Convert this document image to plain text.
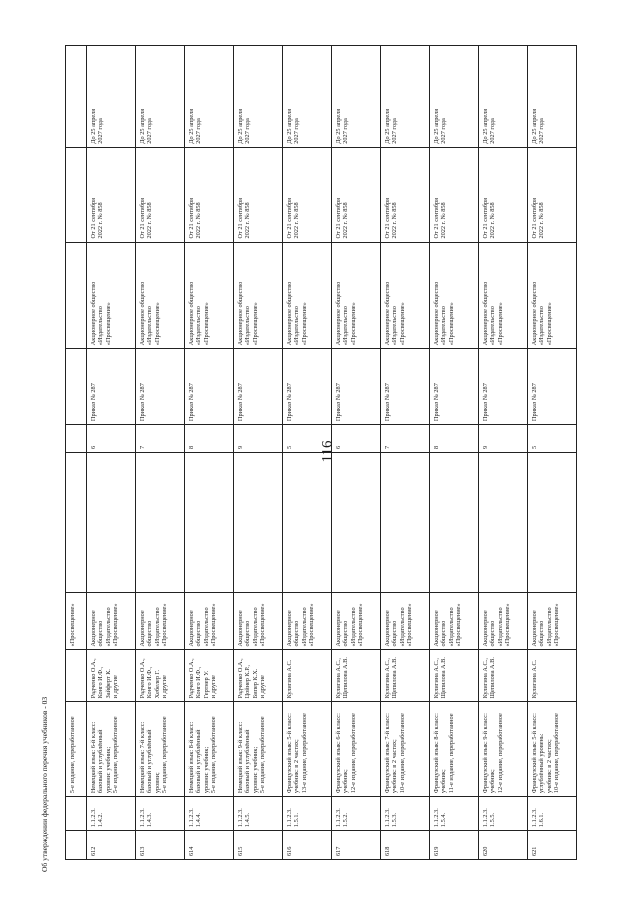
116
5-е издание, переработанное
«Просвещение»
612
1.1.2.3. 1.4.2.
Немецкий язык: 6-й класс: базовый и углублённый уровни: учебник; 5-е издание, переработанное
Радченко О.А., Конго И.Ф., Зайферт К. и другие
Акционерное общество «Издательство «Просвещение»
6
Приказ № 287
Акционерное общество «Издательство «Просвещение»
От 21 сентября 2022 г. № 858
До 25 апреля 2027 года
613
1.1.2.3. 1.4.3.
Немецкий язык: 7-й класс: базовый и углублённый уровни; 5-е издание, переработанное
Радченко О.А., Конго И.Ф., Хебелер Г. и другие
Акционерное общество «Издательство «Просвещение»
7
Приказ № 287
Акционерное общество «Издательство «Просвещение»
От 21 сентября 2022 г. № 858
До 25 апреля 2027 года
614
1.1.2.3. 1.4.4.
Немецкий язык: 8-й класс: базовый и углублённый уровни: учебник; 5-е издание, переработанное
Радченко О.А., Конго И.Ф., Гертнер У. и другие
Акционерное общество «Издательство «Просвещение»
8
Приказ № 287
Акционерное общество «Издательство «Просвещение»
От 21 сентября 2022 г. № 858
До 25 апреля 2027 года
615
1.1.2.3. 1.4.5.
Немецкий язык: 9-й класс: базовый и углублённый уровни: учебник; 5-е издание, переработанное
Радченко О.А., Цойнер К.Р., Бипер К.Х. и другие
Акционерное общество «Издательство «Просвещение»
9
Приказ № 287
Акционерное общество «Издательство «Просвещение»
От 21 сентября 2022 г. № 858
До 25 апреля 2027 года
616
1.1.2.3. 1.5.1.
Французский язык: 5-й класс: учебник: в 2 частях; 13-е издание, переработанное
Кулигина А.С.
Акционерное общество «Издательство «Просвещение»
5
Приказ № 287
Акционерное общество «Издательство «Просвещение»
От 21 сентября 2022 г. № 858
До 25 апреля 2027 года
617
1.1.2.3. 1.5.2.
Французский язык: 6-й класс: учебник; 12-е издание, переработанное
Кулигина А.С., Щепилова А.В.
Акционерное общество «Издательство «Просвещение»
6
Приказ № 287
Акционерное общество «Издательство «Просвещение»
От 21 сентября 2022 г. № 858
До 25 апреля 2027 года
618
1.1.2.3. 1.5.3.
Французский язык: 7-й класс: учебник: в 2 частях; 10-е издание, переработанное
Кулигина А.С., Щепилова А.В.
Акционерное общество «Издательство «Просвещение»
7
Приказ № 287
Акционерное общество «Издательство «Просвещение»
От 21 сентября 2022 г. № 858
До 25 апреля 2027 года
619
1.1.2.3. 1.5.4.
Французский язык: 8-й класс: учебник; 11-е издание, переработанное
Кулигина А.С., Щепилова А.В.
Акционерное общество «Издательство «Просвещение»
8
Приказ № 287
Акционерное общество «Издательство «Просвещение»
От 21 сентября 2022 г. № 858
До 25 апреля 2027 года
620
1.1.2.3. 1.5.5.
Французский язык: 9-й класс: учебник; 12-е издание, переработанное
Кулигина А.С., Щепилова А.В.
Акционерное общество «Издательство «Просвещение»
9
Приказ № 287
Акционерное общество «Издательство «Просвещение»
От 21 сентября 2022 г. № 858
До 25 апреля 2027 года
621
1.1.2.3. 1.6.1.
Французский язык: 5-й класс: углублённый уровень: учебник: в 2 частях; 10-е издание, переработанное
Кулигина А.С.
Акционерное общество «Издательство «Просвещение»
5
Приказ № 287
Акционерное общество «Издательство «Просвещение»
От 21 сентября 2022 г. № 858
До 25 апреля 2027 года
Об утверждении федерального перечня учебников - 03
